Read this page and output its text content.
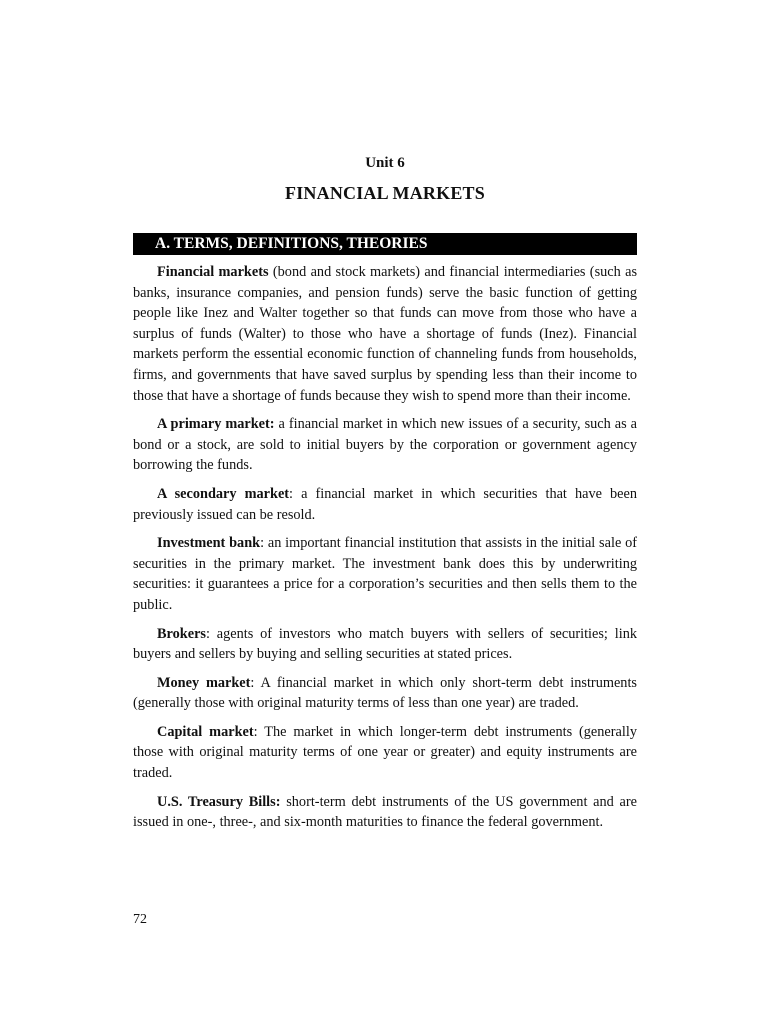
Unit 6
FINANCIAL MARKETS
A. TERMS, DEFINITIONS, THEORIES

Financial markets (bond and stock markets) and financial intermediaries (such as banks, insurance companies, and pension funds) serve the basic function of getting people like Inez and Walter together so that funds can move from those who have a surplus of funds (Walter) to those who have a shortage of funds (Inez). Financial markets perform the essential economic function of channeling funds from households, firms, and governments that have saved surplus by spending less than their income to those that have a shortage of funds because they wish to spend more than their income.

A primary market: a financial market in which new issues of a security, such as a bond or a stock, are sold to initial buyers by the corporation or government agency borrowing the funds.

A secondary market: a financial market in which securities that have been previously issued can be resold.

Investment bank: an important financial institution that assists in the initial sale of securities in the primary market. The investment bank does this by underwriting securities: it guarantees a price for a corporation’s securities and then sells them to the public.

Brokers: agents of investors who match buyers with sellers of securities; link buyers and sellers by buying and selling securities at stated prices.

Money market: A financial market in which only short-term debt instruments (generally those with original maturity terms of less than one year) are traded.

Capital market: The market in which longer-term debt instruments (generally those with original maturity terms of one year or greater) and equity instruments are traded.

U.S. Treasury Bills: short-term debt instruments of the US government and are issued in one-, three-, and six-month maturities to finance the federal government.

72
